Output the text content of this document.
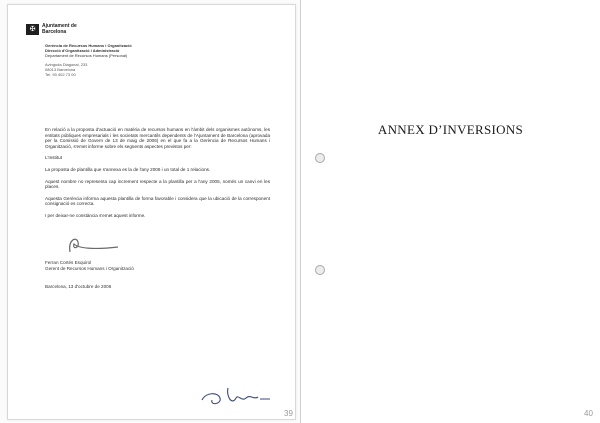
✠	Ajuntament de Barcelona
Gerència de Recursos Humans i Organització
Direcció d'Organització i Administració
Departament de Recursos Humans (Personal)
Avinguda Diagonal, 233
08013 Barcelona
Tel. 93 402 73 00

En relació a la proposta d'actuació en matèria de recursos humans en l'àmbit dels organismes autònoms, les entitats públiques empresarials i les societats mercantils dependents de l'Ajuntament de Barcelona (aprovada per la Comissió de Govern de 13 de maig de 2006) en el que fa a la Gerència de Recursos Humans i Organització, s'emet informe sobre els següents aspectes previstos per:

L'Institut

La proposta de plantilla que s'annexa es la de l'any 2006 i un total de 1 relacions.

Aquest nombre no representa cap increment respecte a la plantilla per a l'any 2005, només un canvi en les places.

Aquesta Gerència informa aquesta plantilla de forma favorable i considera que la ubicació de la corresponent consignació es correcta.

I per deixar-ne constància s'emet aquest informe.

Ferran Cortés Esquirol
Gerent de Recursos Humans i Organització
Barcelona, 13 d'octubre de 2006
39
ANNEX D’INVERSIONS
40
